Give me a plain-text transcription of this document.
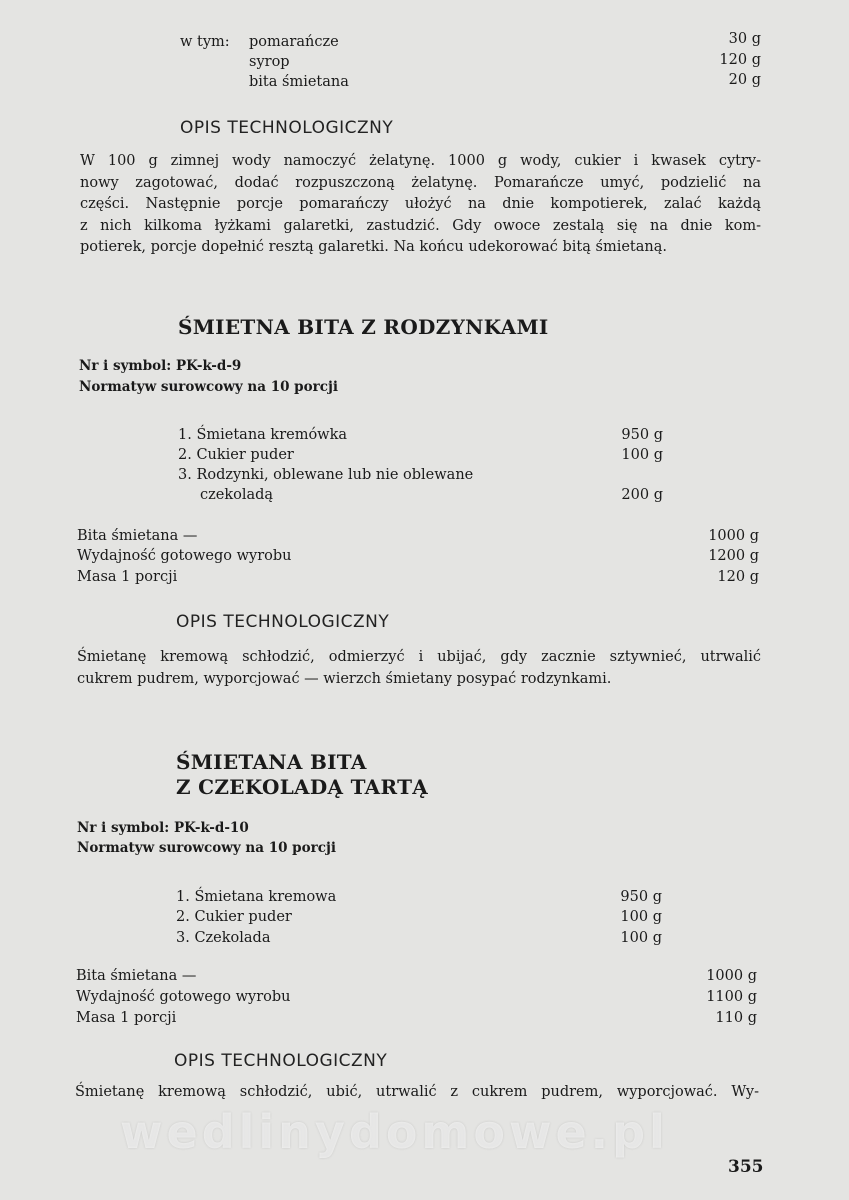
w tym: pomarańcze	30 g
syrop	120 g
bita śmietana	20 g
OPIS TECHNOLOGICZNY
W 100 g zimnej wody namoczyć żelatynę. 1000 g wody, cukier i kwasek cytry-
nowy zagotować, dodać rozpuszczoną żelatynę. Pomarańcze umyć, podzielić na
części. Następnie porcje pomarańczy ułożyć na dnie kompotierek, zalać każdą
z nich kilkoma łyżkami galaretki, zastudzić. Gdy owoce zestalą się na dnie kom-
potierek, porcje dopełnić resztą galaretki. Na końcu udekorować bitą śmietaną.
ŚMIETNA BITA Z RODZYNKAMI
Nr i symbol: PK-k-d-9
Normatyw surowcowy na 10 porcji
1. Śmietana kremówka	950 g
2. Cukier puder	100 g
3. Rodzynki, oblewane lub nie oblewane
czekoladą	200 g
Bita śmietana —	1000 g
Wydajność gotowego wyrobu	1200 g
Masa 1 porcji	120 g
OPIS TECHNOLOGICZNY
Śmietanę kremową schłodzić, odmierzyć i ubijać, gdy zacznie sztywnieć, utrwalić
cukrem pudrem, wyporcjować — wierzch śmietany posypać rodzynkami.
ŚMIETANA BITA
Z CZEKOLADĄ TARTĄ
Nr i symbol: PK-k-d-10
Normatyw surowcowy na 10 porcji
1. Śmietana kremowa	950 g
2. Cukier puder	100 g
3. Czekolada	100 g
Bita śmietana —	1000 g
Wydajność gotowego wyrobu	1100 g
Masa 1 porcji	110 g
OPIS TECHNOLOGICZNY
Śmietanę kremową schłodzić, ubić, utrwalić z cukrem pudrem, wyporcjować. Wy-
wedlinydomowe.pl
355
